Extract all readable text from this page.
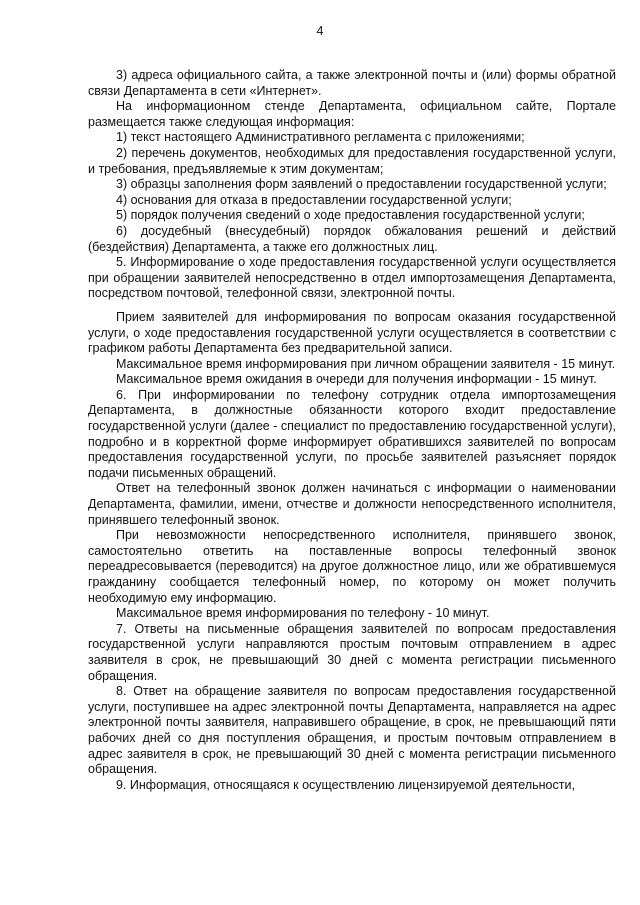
4

3) адреса официального сайта, а также электронной почты и (или) формы обратной связи Департамента в сети «Интернет».

На информационном стенде Департамента, официальном сайте, Портале размещается также следующая информация:

1) текст настоящего Административного регламента с приложениями;

2) перечень документов, необходимых для предоставления государственной услуги, и требования, предъявляемые к этим документам;

3) образцы заполнения форм заявлений о предоставлении государственной услуги;

4) основания для отказа в предоставлении государственной услуги;

5) порядок получения сведений о ходе предоставления государственной услуги;

6) досудебный (внесудебный) порядок обжалования решений и действий (бездействия) Департамента, а также его должностных лиц.

5. Информирование о ходе предоставления государственной услуги осуществляется при обращении заявителей непосредственно в отдел импортозамещения Департамента, посредством почтовой, телефонной связи, электронной почты.

Прием заявителей для информирования по вопросам оказания государственной услуги, о ходе предоставления государственной услуги осуществляется в соответствии с графиком работы Департамента без предварительной записи.

Максимальное время информирования при личном обращении заявителя - 15 минут.

Максимальное время ожидания в очереди для получения информации - 15 минут.

6. При информировании по телефону сотрудник отдела импортозамещения Департамента, в должностные обязанности которого входит предоставление государственной услуги (далее - специалист по предоставлению государственной услуги), подробно и в корректной форме информирует обратившихся заявителей по вопросам предоставления государственной услуги, по просьбе заявителей разъясняет порядок подачи письменных обращений.

Ответ на телефонный звонок должен начинаться с информации о наименовании Департамента, фамилии, имени, отчестве и должности непосредственного исполнителя, принявшего телефонный звонок.

При невозможности непосредственного исполнителя, принявшего звонок, самостоятельно ответить на поставленные вопросы телефонный звонок переадресовывается (переводится) на другое должностное лицо, или же обратившемуся гражданину сообщается телефонный номер, по которому он может получить необходимую ему информацию.

Максимальное время информирования по телефону - 10 минут.

7. Ответы на письменные обращения заявителей по вопросам предоставления государственной услуги направляются простым почтовым отправлением в адрес заявителя в срок, не превышающий 30 дней с момента регистрации письменного обращения.

8. Ответ на обращение заявителя по вопросам предоставления государственной услуги, поступившее на адрес электронной почты Департамента, направляется на адрес электронной почты заявителя, направившего обращение, в срок, не превышающий пяти рабочих дней со дня поступления обращения, и простым почтовым отправлением в адрес заявителя в срок, не превышающий 30 дней с момента регистрации письменного обращения.

9. Информация, относящаяся к осуществлению лицензируемой деятельности,
